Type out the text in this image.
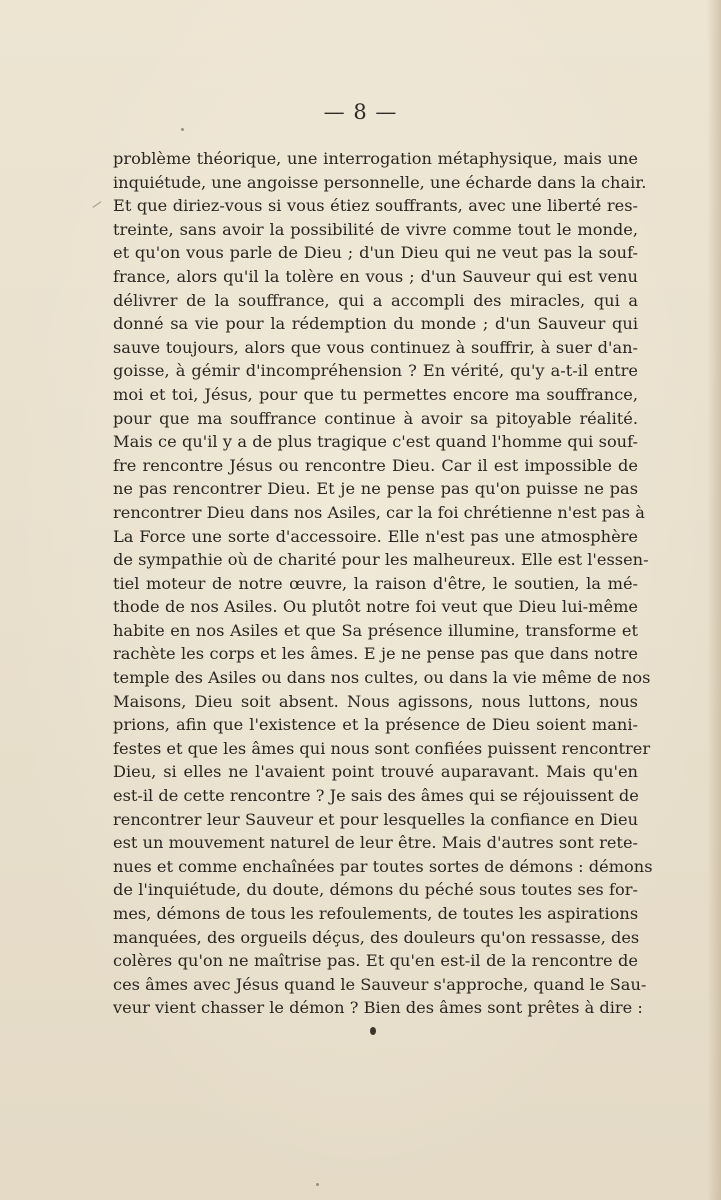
— 8 —
problème théorique, une interrogation métaphysique, mais une
inquiétude, une angoisse personnelle, une écharde dans la chair.
Et que diriez-vous si vous étiez souffrants, avec une liberté res-
treinte, sans avoir la possibilité de vivre comme tout le monde,
et qu'on vous parle de Dieu ; d'un Dieu qui ne veut pas la souf-
france, alors qu'il la tolère en vous ; d'un Sauveur qui est venu
délivrer de la souffrance, qui a accompli des miracles, qui a
donné sa vie pour la rédemption du monde ; d'un Sauveur qui
sauve toujours, alors que vous continuez à souffrir, à suer d'an-
goisse, à gémir d'incompréhension ? En vérité, qu'y a-t-il entre
moi et toi, Jésus, pour que tu permettes encore ma souffrance,
pour que ma souffrance continue à avoir sa pitoyable réalité.
Mais ce qu'il y a de plus tragique c'est quand l'homme qui souf-
fre rencontre Jésus ou rencontre Dieu. Car il est impossible de
ne pas rencontrer Dieu. Et je ne pense pas qu'on puisse ne pas
rencontrer Dieu dans nos Asiles, car la foi chrétienne n'est pas à
La Force une sorte d'accessoire. Elle n'est pas une atmosphère
de sympathie où de charité pour les malheureux. Elle est l'essen-
tiel moteur de notre œuvre, la raison d'être, le soutien, la mé-
thode de nos Asiles. Ou plutôt notre foi veut que Dieu lui-même
habite en nos Asiles et que Sa présence illumine, transforme et
rachète les corps et les âmes. E je ne pense pas que dans notre
temple des Asiles ou dans nos cultes, ou dans la vie même de nos
Maisons, Dieu soit absent. Nous agissons, nous luttons, nous
prions, afin que l'existence et la présence de Dieu soient mani-
festes et que les âmes qui nous sont confiées puissent rencontrer
Dieu, si elles ne l'avaient point trouvé auparavant. Mais qu'en
est-il de cette rencontre ? Je sais des âmes qui se réjouissent de
rencontrer leur Sauveur et pour lesquelles la confiance en Dieu
est un mouvement naturel de leur être. Mais d'autres sont rete-
nues et comme enchaînées par toutes sortes de démons : démons
de l'inquiétude, du doute, démons du péché sous toutes ses for-
mes, démons de tous les refoulements, de toutes les aspirations
manquées, des orgueils déçus, des douleurs qu'on ressasse, des
colères qu'on ne maîtrise pas. Et qu'en est-il de la rencontre de
ces âmes avec Jésus quand le Sauveur s'approche, quand le Sau-
veur vient chasser le démon ? Bien des âmes sont prêtes à dire :
